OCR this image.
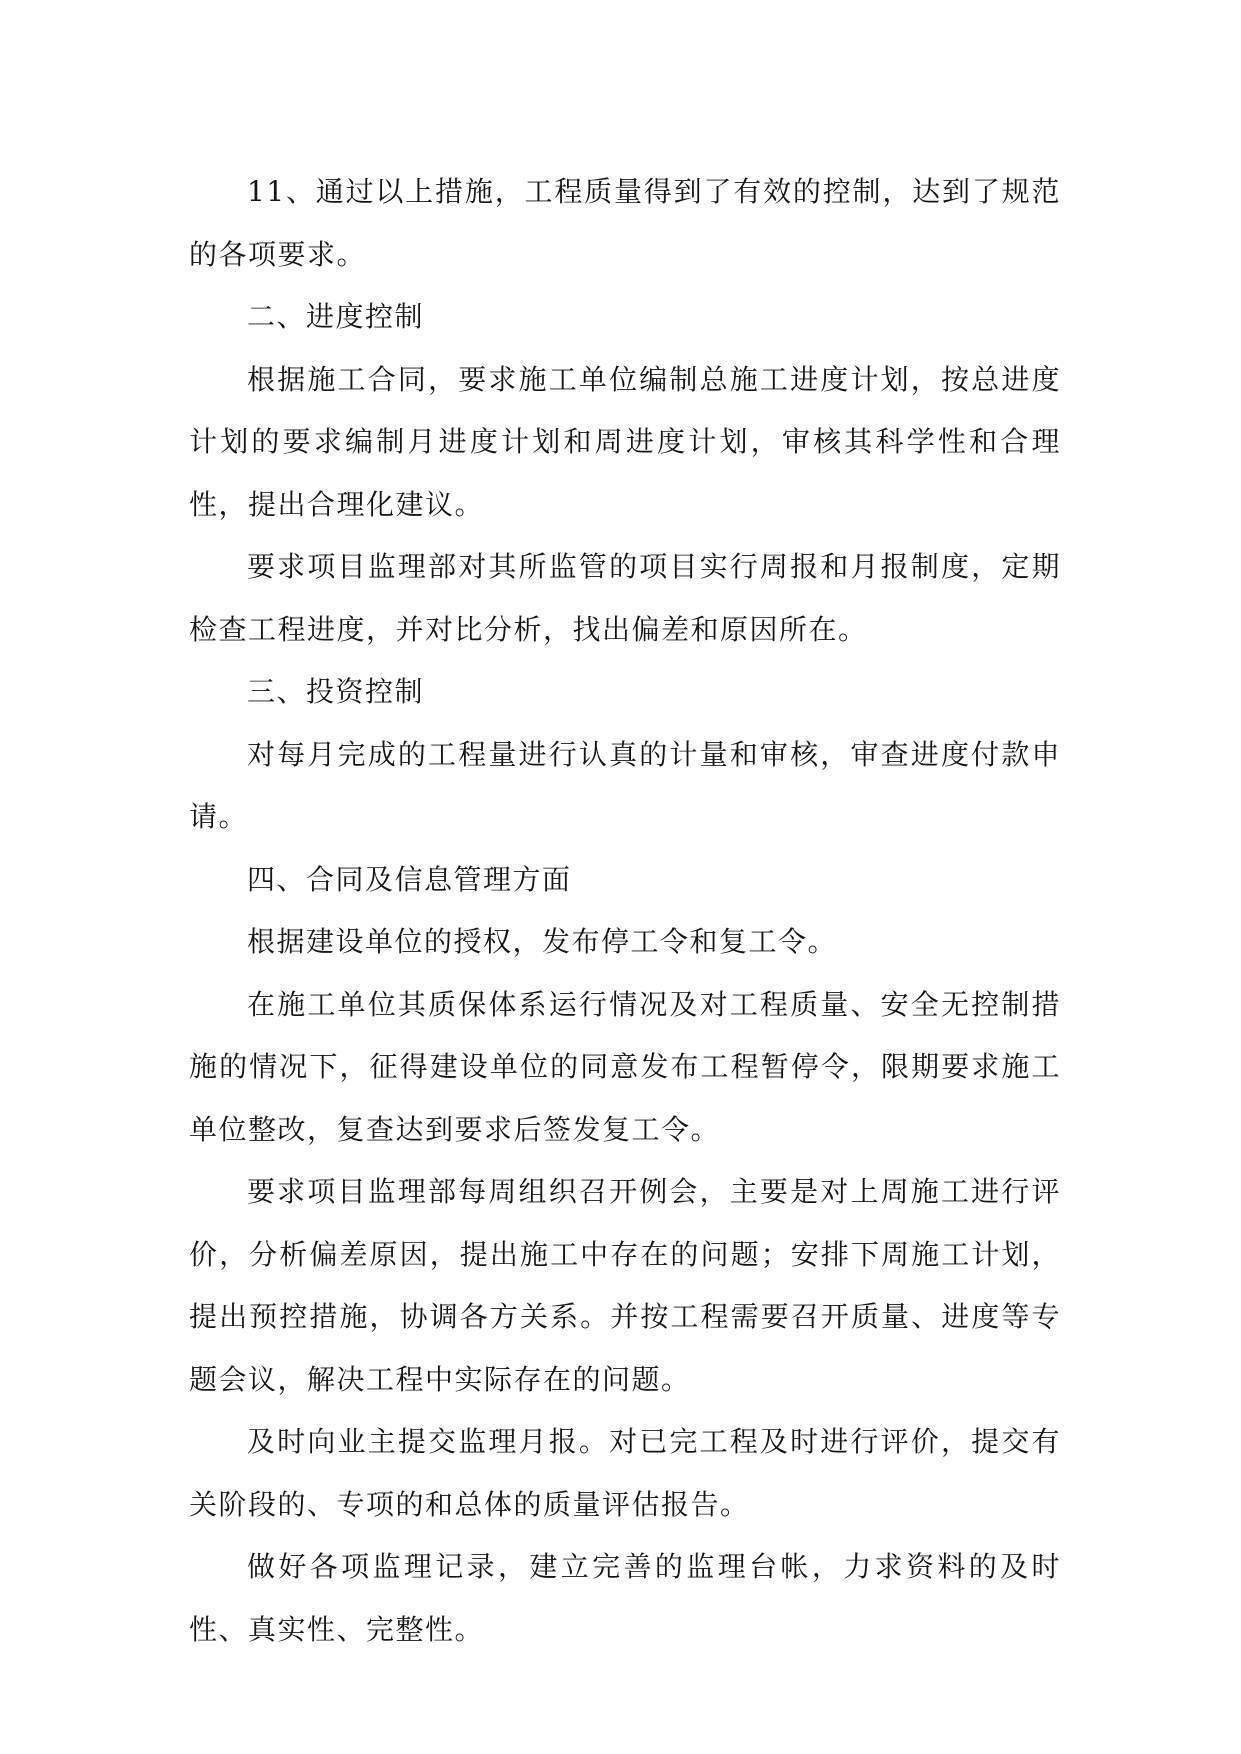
11、通过以上措施，工程质量得到了有效的控制，达到了规范的各项要求。

二、进度控制

根据施工合同，要求施工单位编制总施工进度计划，按总进度计划的要求编制月进度计划和周进度计划，审核其科学性和合理性，提出合理化建议。

要求项目监理部对其所监管的项目实行周报和月报制度，定期检查工程进度，并对比分析，找出偏差和原因所在。

三、投资控制

对每月完成的工程量进行认真的计量和审核，审查进度付款申请。

四、合同及信息管理方面

根据建设单位的授权，发布停工令和复工令。

在施工单位其质保体系运行情况及对工程质量、安全无控制措施的情况下，征得建设单位的同意发布工程暂停令，限期要求施工单位整改，复查达到要求后签发复工令。

要求项目监理部每周组织召开例会，主要是对上周施工进行评价，分析偏差原因，提出施工中存在的问题；安排下周施工计划，提出预控措施，协调各方关系。并按工程需要召开质量、进度等专题会议，解决工程中实际存在的问题。

及时向业主提交监理月报。对已完工程及时进行评价，提交有关阶段的、专项的和总体的质量评估报告。

做好各项监理记录，建立完善的监理台帐，力求资料的及时性、真实性、完整性。
